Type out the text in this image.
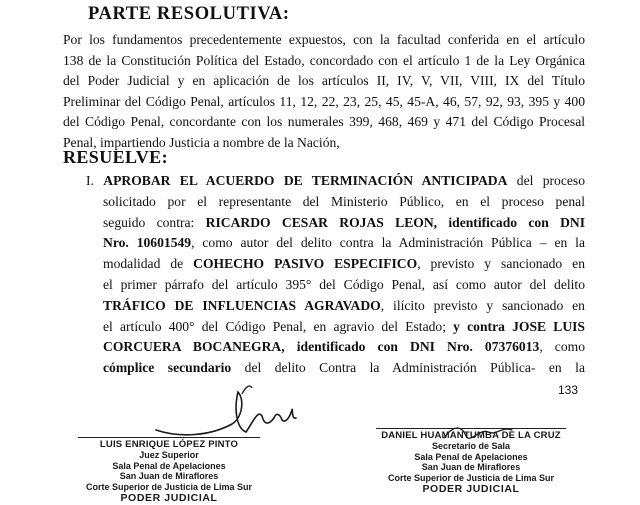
PARTE RESOLUTIVA:
Por los fundamentos precedentemente expuestos, con la facultad conferida en el artículo
138 de la Constitución Política del Estado, concordado con el artículo 1 de la Ley Orgánica
del Poder Judicial y en aplicación de los artículos II, IV, V, VII, VIII, IX del Título
Preliminar del Código Penal, artículos 11, 12, 22, 23, 25, 45, 45-A, 46, 57, 92, 93, 395 y 400
del Código Penal, concordante con los numerales 399, 468, 469 y 471 del Código Procesal
Penal, impartiendo Justicia a nombre de la Nación,
RESUELVE:
I. APROBAR EL ACUERDO DE TERMINACIÓN ANTICIPADA del proceso
solicitado por el representante del Ministerio Público, en el proceso penal
seguido contra: RICARDO CESAR ROJAS LEON, identificado con DNI
Nro. 10601549, como autor del delito contra la Administración Pública – en la
modalidad de COHECHO PASIVO ESPECIFICO, previsto y sancionado en
el primer párrafo del artículo 395° del Código Penal, así como autor del delito
TRÁFICO DE INFLUENCIAS AGRAVADO, ilícito previsto y sancionado en
el artículo 400° del Código Penal, en agravio del Estado; y contra JOSE LUIS
CORCUERA BOCANEGRA, identificado con DNI Nro. 07376013, como
cómplice secundario del delito Contra la Administración Pública- en la
133
LUIS ENRIQUE LÓPEZ PINTO
Juez Superior
Sala Penal de Apelaciones
San Juan de Miraflores
Corte Superior de Justicia de Lima Sur
PODER JUDICIAL
DANIEL HUAMANTUMBA DE LA CRUZ
Secretario de Sala
Sala Penal de Apelaciones
San Juan de Miraflores
Corte Superior de Justicia de Lima Sur
PODER JUDICIAL
